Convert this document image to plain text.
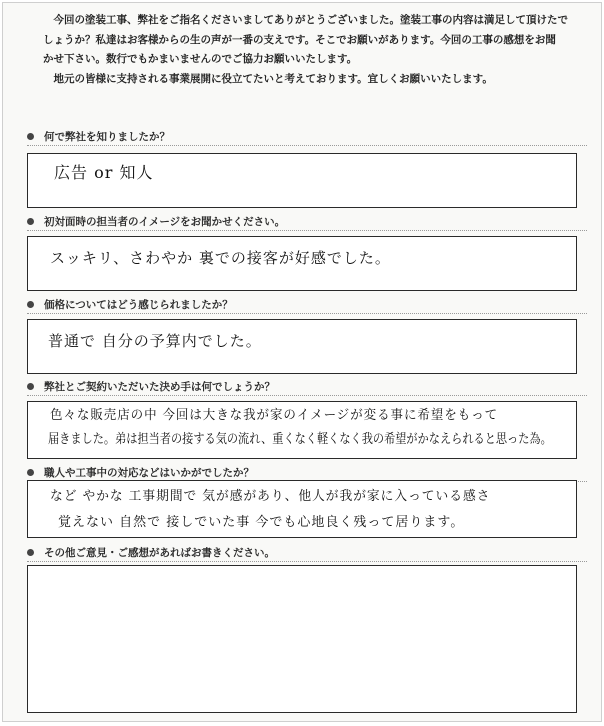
今回の塗装工事、弊社をご指名くださいましてありがとうございました。塗装工事の内容は満足して頂けたで

しょうか？私達はお客様からの生の声が一番の支えです。そこでお願いがあります。今回の工事の感想をお聞

かせ下さい。数行でもかまいませんのでご協力お願いいたします。

地元の皆様に支持される事業展開に役立てたいと考えております。宜しくお願いいたします。

何で弊社を知りましたか？
広告 or 知人
初対面時の担当者のイメージをお聞かせください。
スッキリ、さわやか 裏での接客が好感でした。
価格についてはどう感じられましたか？
普通で 自分の予算内でした。
弊社とご契約いただいた決め手は何でしょうか？
色々な販売店の中 今回は大きな我が家のイメージが変る事に希望をもって
届きました。弟は担当者の接する気の流れ、重くなく軽くなく我の希望がかなえられると思った為。
職人や工事中の対応などはいかがでしたか？
など やかな 工事期間で 気が感があり、他人が我が家に入っている感さ
覚えない 自然で 接しでいた事 今でも心地良く残って居ります。
その他ご意見・ご感想があればお書きください。
